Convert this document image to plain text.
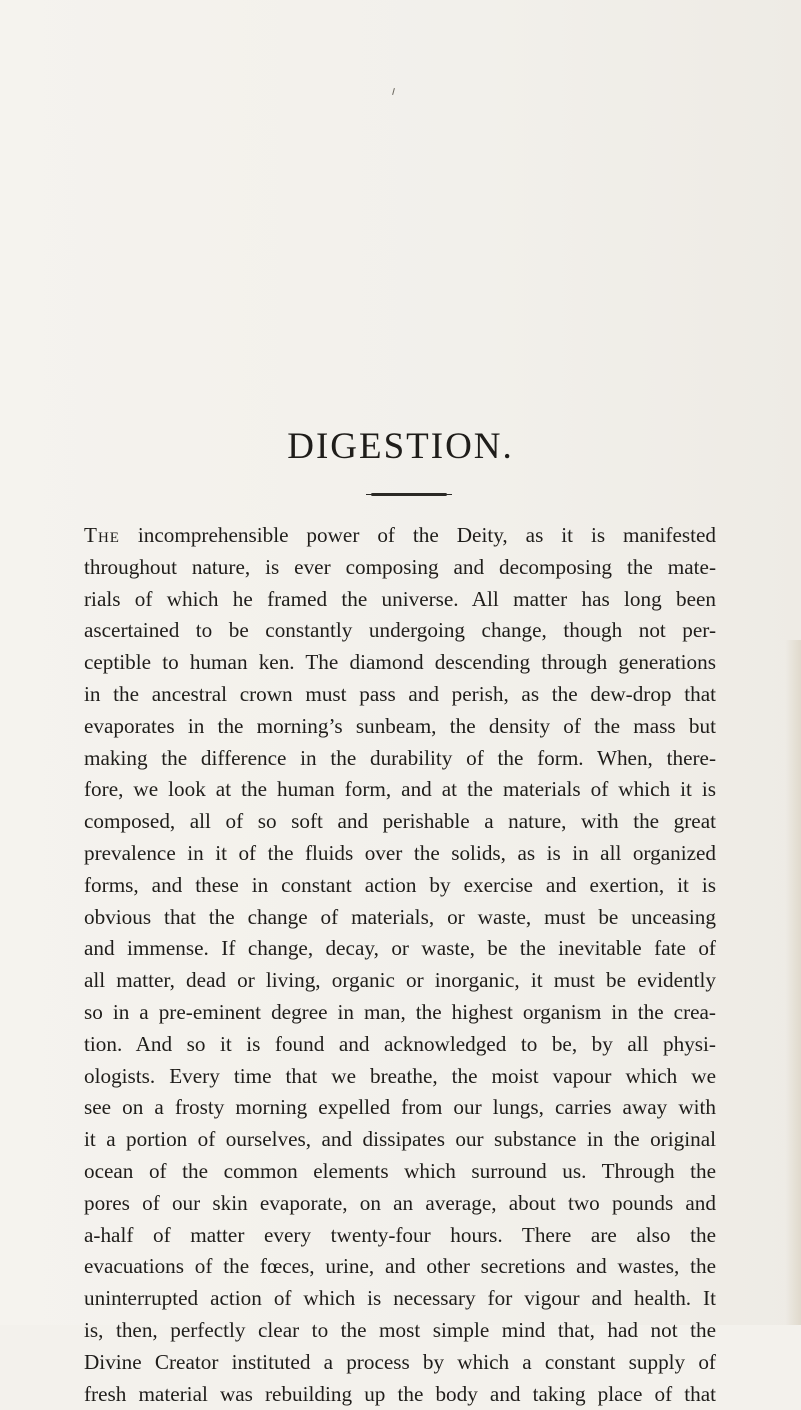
DIGESTION.
The incomprehensible power of the Deity, as it is manifested
throughout nature, is ever composing and decomposing the mate-
rials of which he framed the universe. All matter has long been
ascertained to be constantly undergoing change, though not per-
ceptible to human ken. The diamond descending through generations
in the ancestral crown must pass and perish, as the dew-drop that
evaporates in the morning’s sunbeam, the density of the mass but
making the difference in the durability of the form. When, there-
fore, we look at the human form, and at the materials of which it is
composed, all of so soft and perishable a nature, with the great
prevalence in it of the fluids over the solids, as is in all organized
forms, and these in constant action by exercise and exertion, it is
obvious that the change of materials, or waste, must be unceasing
and immense. If change, decay, or waste, be the inevitable fate of
all matter, dead or living, organic or inorganic, it must be evidently
so in a pre-eminent degree in man, the highest organism in the crea-
tion. And so it is found and acknowledged to be, by all physi-
ologists. Every time that we breathe, the moist vapour which we
see on a frosty morning expelled from our lungs, carries away with
it a portion of ourselves, and dissipates our substance in the original
ocean of the common elements which surround us. Through the
pores of our skin evaporate, on an average, about two pounds and
a-half of matter every twenty-four hours. There are also the
evacuations of the fœces, urine, and other secretions and wastes, the
uninterrupted action of which is necessary for vigour and health. It
is, then, perfectly clear to the most simple mind that, had not the
Divine Creator instituted a process by which a constant supply of
fresh material was rebuilding up the body and taking place of that
